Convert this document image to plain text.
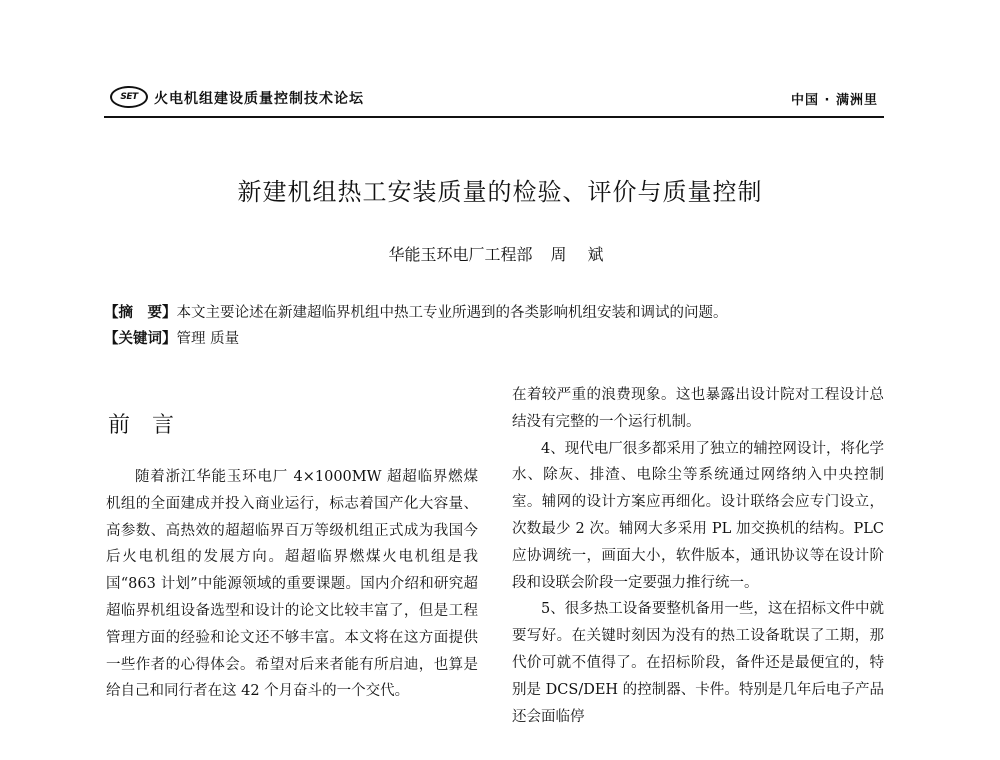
SET	火电机组建设质量控制技术论坛	中国 · 满洲里
新建机组热工安装质量的检验、评价与质量控制
华能玉环电厂工程部 周 斌
【摘　要】本文主要论述在新建超临界机组中热工专业所遇到的各类影响机组安装和调试的问题。
【关键词】管理 质量
前言

随着浙江华能玉环电厂 4×1000MW 超超临界燃煤机组的全面建成并投入商业运行，标志着国产化大容量、高参数、高热效的超超临界百万等级机组正式成为我国今后火电机组的发展方向。超超临界燃煤火电机组是我国“863 计划”中能源领域的重要课题。国内介绍和研究超超临界机组设备选型和设计的论文比较丰富了，但是工程管理方面的经验和论文还不够丰富。本文将在这方面提供一些作者的心得体会。希望对后来者能有所启迪，也算是给自己和同行者在这 42 个月奋斗的一个交代。

在着较严重的浪费现象。这也暴露出设计院对工程设计总结没有完整的一个运行机制。

4、现代电厂很多都采用了独立的辅控网设计，将化学水、除灰、排渣、电除尘等系统通过网络纳入中央控制室。辅网的设计方案应再细化。设计联络会应专门设立，次数最少 2 次。辅网大多采用 PL 加交换机的结构。PLC 应协调统一，画面大小，软件版本，通讯协议等在设计阶段和设联会阶段一定要强力推行统一。

5、很多热工设备要整机备用一些，这在招标文件中就要写好。在关键时刻因为没有的热工设备耽误了工期，那代价可就不值得了。在招标阶段，备件还是最便宜的，特别是 DCS/DEH 的控制器、卡件。特别是几年后电子产品还会面临停
